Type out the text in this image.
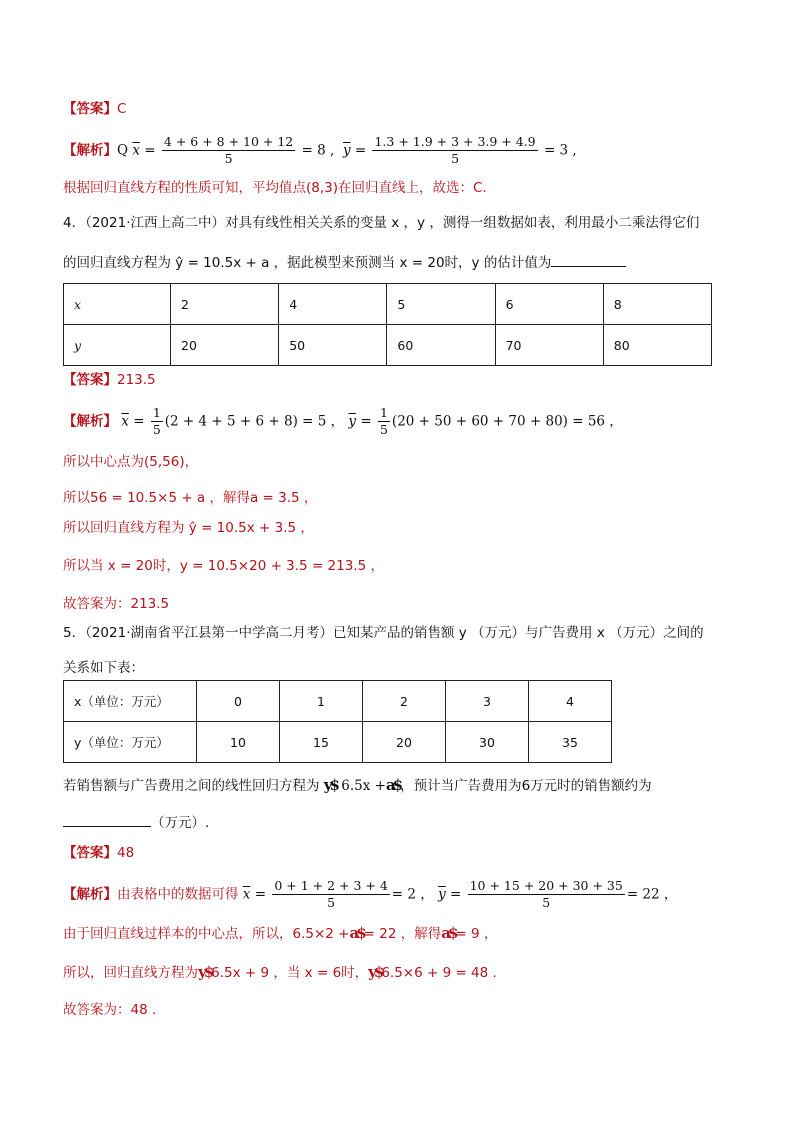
【答案】C
【解析】Q $\overline{x} = \frac{4 + 6 + 8 + 10 + 12}{5} = 8$ , $\overline{y} = \frac{1.3 + 1.9 + 3 + 3.9 + 4.9}{5} = 3$ ,
根据回归直线方程的性质可知，平均值点(8,3)在回归直线上，故选：C.
4．（2021·江西上高二中）对具有线性相关关系的变量 x ，y ，测得一组数据如表，利用最小二乘法得它们
的回归直线方程为 ŷ = 10.5x + a ，据此模型来预测当 x = 20时，y 的估计值为
x	2	4	5	6	8
y	20	50	60	70	80
【答案】213.5
【解析】 $\overline{x} = \frac{1}{5} (2 + 4 + 5 + 6 + 8) = 5$ ， $\overline{y} = \frac{1}{5} (20 + 50 + 60 + 70 + 80) = 56$ ，
所以中心点为(5,56)，
所以56 = 10.5×5 + a ，解得a = 3.5 ，
所以回归直线方程为 ŷ = 10.5x + 3.5 ，
所以当 x = 20时，y = 10.5×20 + 3.5 = 213.5 ，
故答案为：213.5
5．（2021·湖南省平江县第一中学高二月考）已知某产品的销售额 y （万元）与广告费用 x （万元）之间的
关系如下表：
x（单位：万元）	0	1	2	3	4
y（单位：万元）	10	15	20	30	35
若销售额与广告费用之间的线性回归方程为 y$ 6.5x +a$，预计当广告费用为6万元时的销售额约为
（万元）.
【答案】48
【解析】由表格中的数据可得 $\overline{x} = \frac{0 + 1 + 2 + 3 + 4}{5} = 2$ ， $\overline{y} = \frac{10 + 15 + 20 + 30 + 35}{5} = 22$ ，
由于回归直线过样本的中心点，所以，6.5×2 +a$= 22 ，解得a$= 9 ，
所以，回归直线方程为y$6.5x + 9 ，当 x = 6时，y$6.5×6 + 9 = 48 .
故答案为：48 .
